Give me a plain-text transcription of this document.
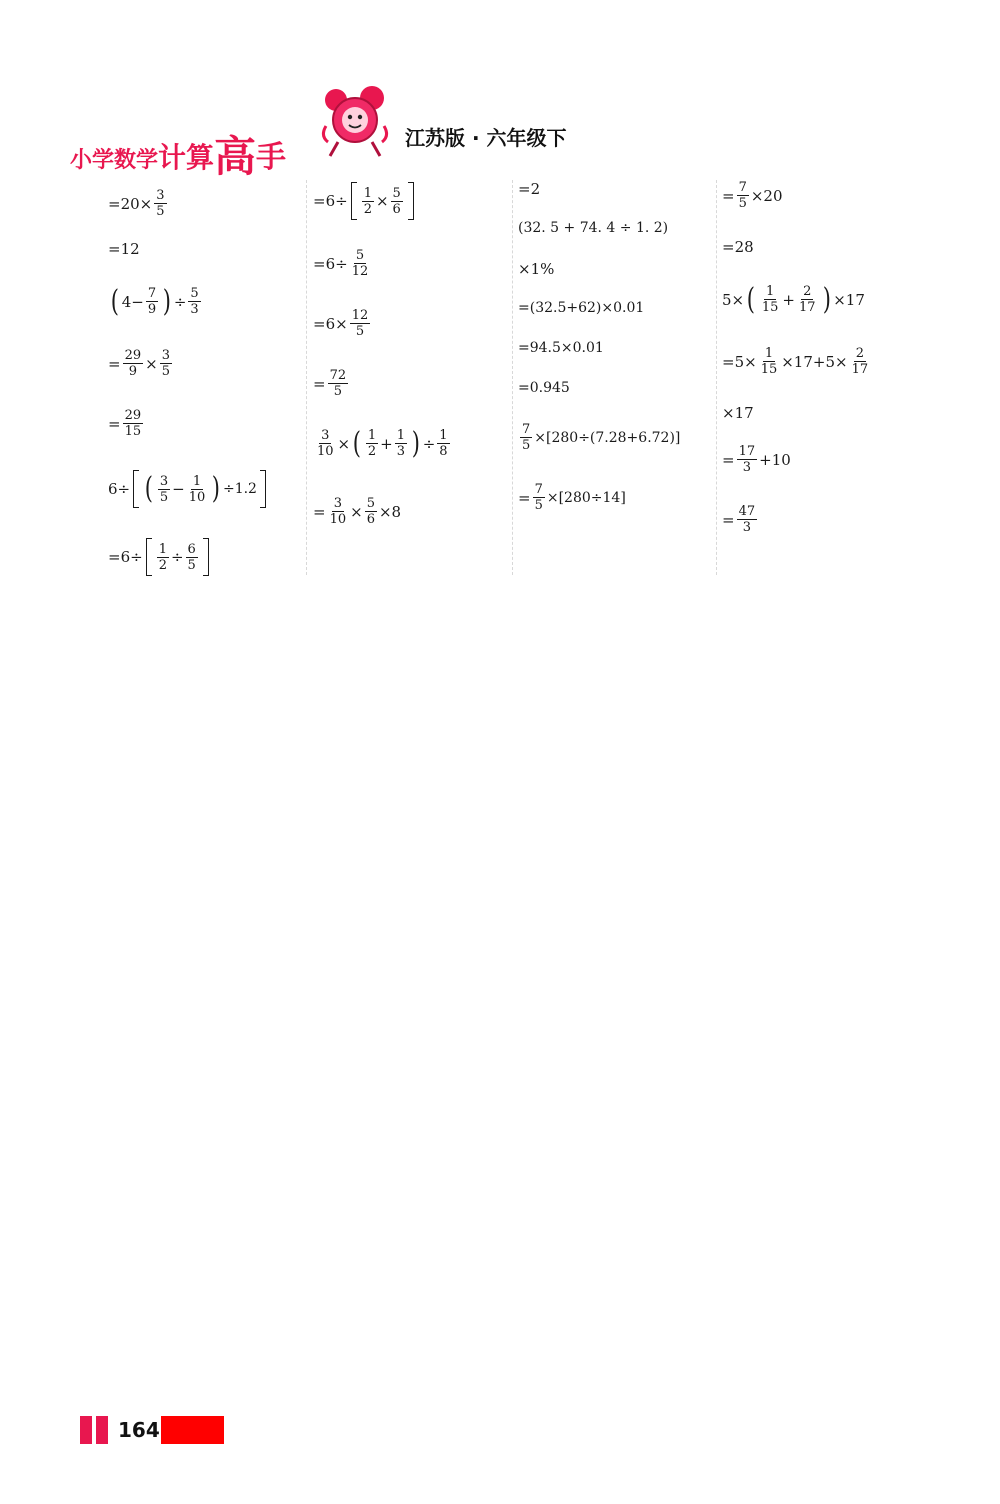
小学数学计算高手
江苏版 · 六年级下
$=20\times \frac{3}{5}$
=12
( $4- \frac{7}{9}$ ) ÷ $\frac{5}{3}$
= $\frac{29}{9} \times \frac{3}{5}$
= $\frac{29}{15}$
6÷ ( $\frac{3}{5} - \frac{1}{10}$ ) ÷1.2
$=6\div \frac{1}{2} \div \frac{6}{5}$
$=6\div \frac{1}{2} \times \frac{5}{6}$
$=6\div \frac{5}{12}$
$=6\times \frac{12}{5}$
= $\frac{72}{5}$
$\frac{3}{10}$ × ( $\frac{1}{2} + \frac{1}{3}$ ) ÷ $\frac{1}{8}$
= $\frac{3}{10} \times \frac{5}{6} \times 8$
=2
(32. 5 + 74. 4 ÷ 1. 2)
×1%
=(32.5+62)×0.01
=94.5×0.01
=0.945
$\frac{7}{5} \times[280\div(7.28+6.72)]$
= $\frac{7}{5} \times[280\div 14]$
= $\frac{7}{5} \times 20$
=28
5× ( $\frac{1}{15} + \frac{2}{17}$ ) ×17
$=5\times \frac{1}{15} \times 17+5\times \frac{2}{17}$
×17
= $\frac{17}{3} +10$
= $\frac{47}{3}$
164
